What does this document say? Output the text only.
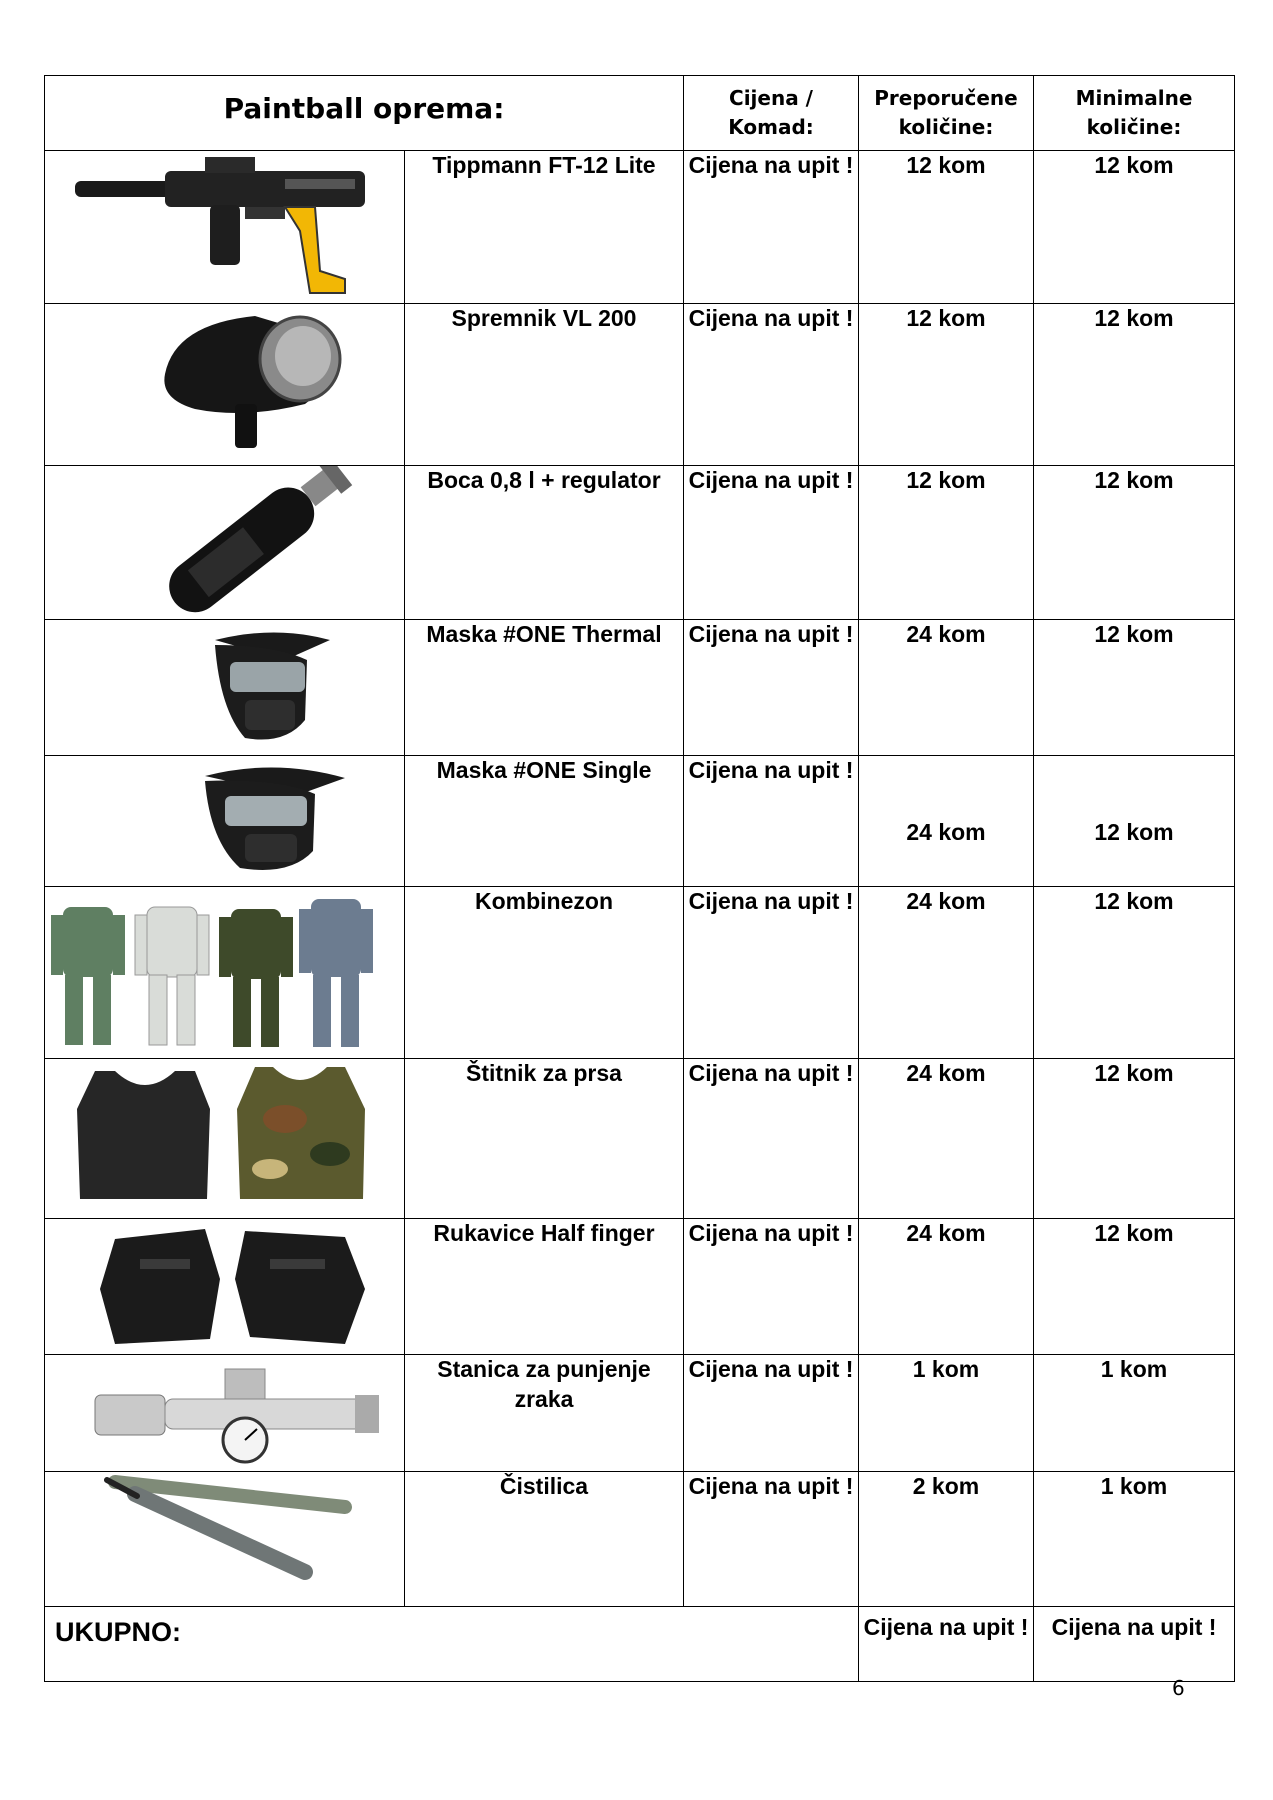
Paintball oprema:		Cijena / Komad:	Preporučene količine:	Minimalne količine:

	Tippmann FT-12 Lite	Cijena na upit !	12 kom	12 kom

	Spremnik VL 200	Cijena na upit !	12 kom	12 kom

	Boca 0,8 l + regulator	Cijena na upit !	12 kom	12 kom

	Maska #ONE Thermal	Cijena na upit !	24 kom	12 kom

	Maska #ONE Single	Cijena na upit !	24 kom	12 kom

	Kombinezon	Cijena na upit !	24 kom	12 kom

	Štitnik za prsa	Cijena na upit !	24 kom	12 kom

	Rukavice Half finger	Cijena na upit !	24 kom	12 kom

	Stanica za punjenje zraka	Cijena na upit !	1 kom	1 kom

	Čistilica	Cijena na upit !	2 kom	1 kom
UKUPNO:			Cijena na upit !	Cijena na upit !
6
